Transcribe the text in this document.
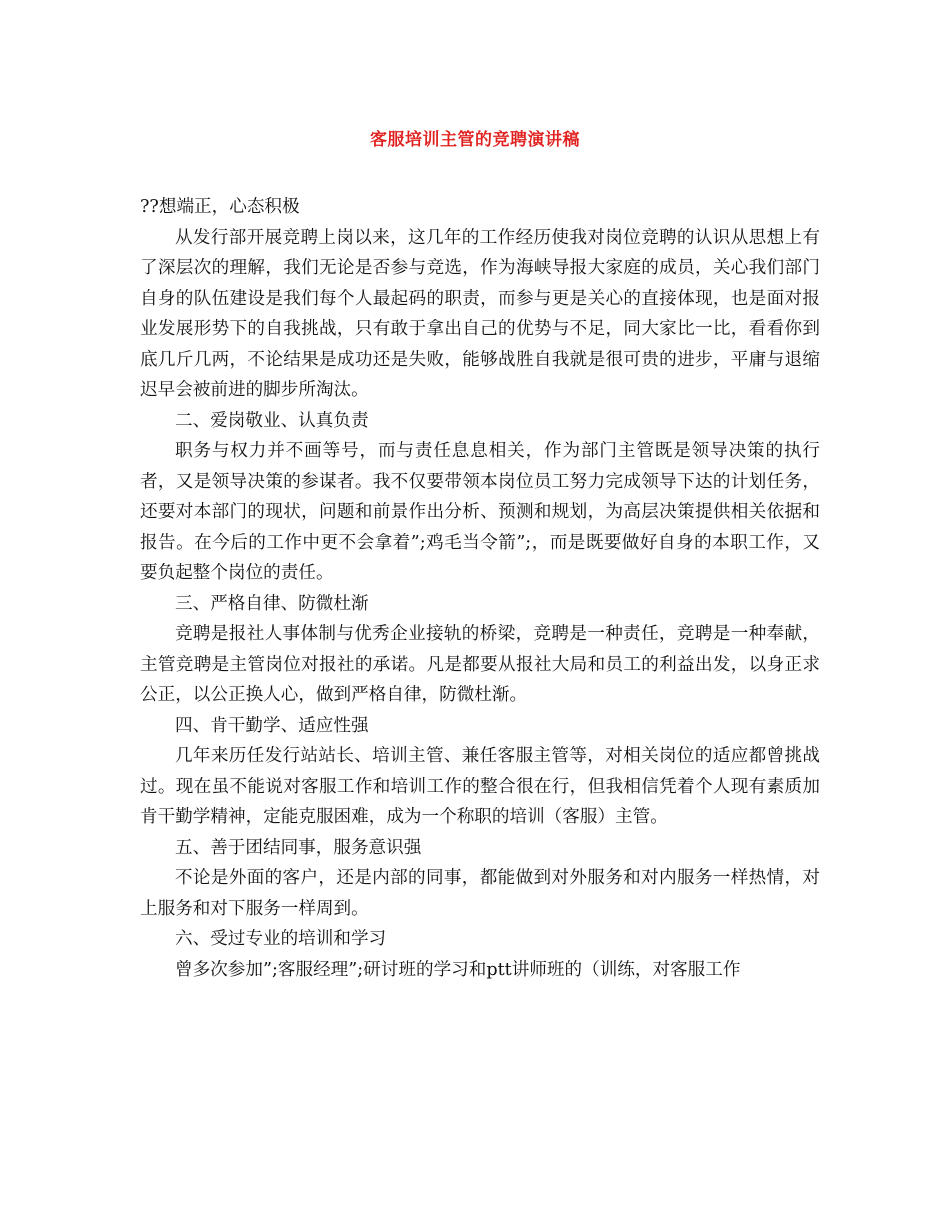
客服培训主管的竞聘演讲稿

??想端正，心态积极

从发行部开展竞聘上岗以来，这几年的工作经历使我对岗位竞聘的认识从思想上有了深层次的理解，我们无论是否参与竞选，作为海峡导报大家庭的成员，关心我们部门自身的队伍建设是我们每个人最起码的职责，而参与更是关心的直接体现，也是面对报业发展形势下的自我挑战，只有敢于拿出自己的优势与不足，同大家比一比，看看你到底几斤几两，不论结果是成功还是失败，能够战胜自我就是很可贵的进步，平庸与退缩迟早会被前进的脚步所淘汰。

二、爱岗敬业、认真负责

职务与权力并不画等号，而与责任息息相关，作为部门主管既是领导决策的执行者，又是领导决策的参谋者。我不仅要带领本岗位员工努力完成领导下达的计划任务，还要对本部门的现状，问题和前景作出分析、预测和规划，为高层决策提供相关依据和报告。在今后的工作中更不会拿着”;鸡毛当令箭”;，而是既要做好自身的本职工作，又要负起整个岗位的责任。

三、严格自律、防微杜渐

竞聘是报社人事体制与优秀企业接轨的桥梁，竞聘是一种责任，竞聘是一种奉献，主管竞聘是主管岗位对报社的承诺。凡是都要从报社大局和员工的利益出发，以身正求公正，以公正换人心，做到严格自律，防微杜渐。

四、肯干勤学、适应性强

几年来历任发行站站长、培训主管、兼任客服主管等，对相关岗位的适应都曾挑战过。现在虽不能说对客服工作和培训工作的整合很在行，但我相信凭着个人现有素质加肯干勤学精神，定能克服困难，成为一个称职的培训（客服）主管。

五、善于团结同事，服务意识强

不论是外面的客户，还是内部的同事，都能做到对外服务和对内服务一样热情，对上服务和对下服务一样周到。

六、受过专业的培训和学习

曾多次参加”;客服经理”;研讨班的学习和ptt讲师班的（训练，对客服工作
